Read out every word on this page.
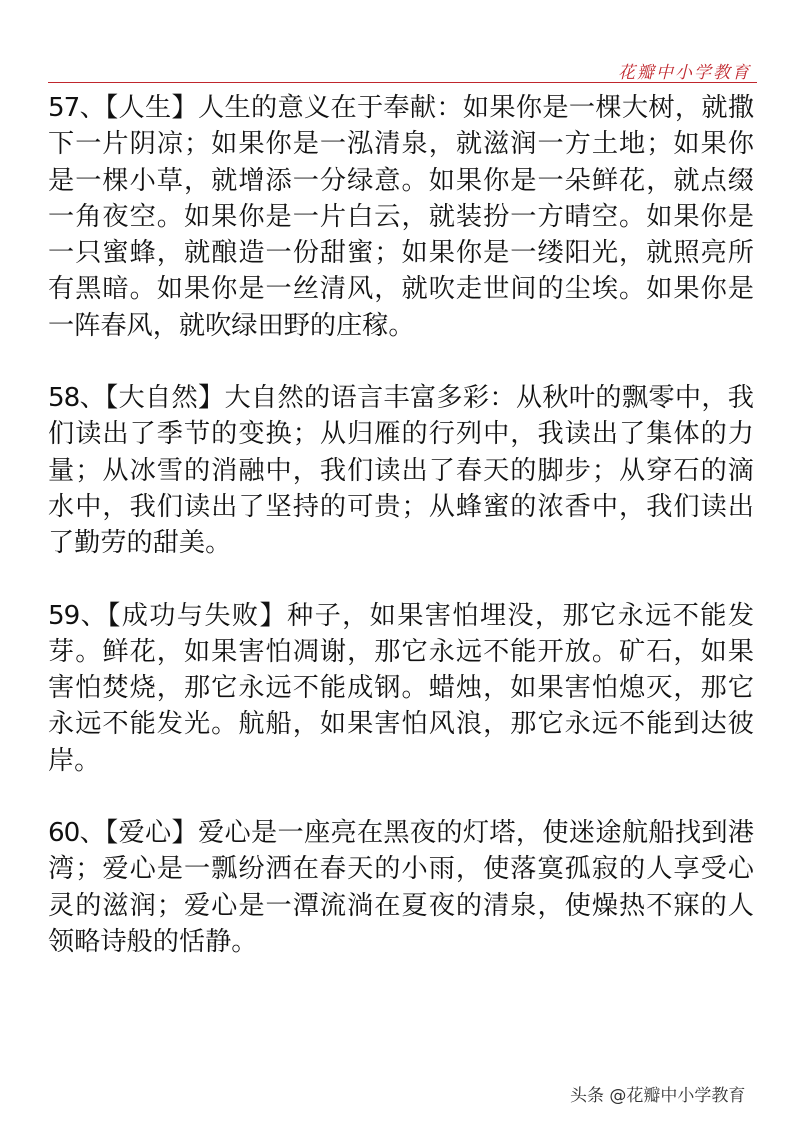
花瓣中小学教育

57、【人生】人生的意义在于奉献：如果你是一棵大树，就撒下一片阴凉；如果你是一泓清泉，就滋润一方土地；如果你是一棵小草，就增添一分绿意。如果你是一朵鲜花，就点缀一角夜空。如果你是一片白云，就装扮一方晴空。如果你是一只蜜蜂，就酿造一份甜蜜；如果你是一缕阳光，就照亮所有黑暗。如果你是一丝清风，就吹走世间的尘埃。如果你是一阵春风，就吹绿田野的庄稼。

58、【大自然】大自然的语言丰富多彩：从秋叶的飘零中，我们读出了季节的变换；从归雁的行列中，我读出了集体的力量；从冰雪的消融中，我们读出了春天的脚步；从穿石的滴水中，我们读出了坚持的可贵；从蜂蜜的浓香中，我们读出了勤劳的甜美。

59、【成功与失败】种子，如果害怕埋没，那它永远不能发芽。鲜花，如果害怕凋谢，那它永远不能开放。矿石，如果害怕焚烧，那它永远不能成钢。蜡烛，如果害怕熄灭，那它永远不能发光。航船，如果害怕风浪，那它永远不能到达彼岸。

60、【爱心】爱心是一座亮在黑夜的灯塔，使迷途航船找到港湾；爱心是一瓢纷洒在春天的小雨，使落寞孤寂的人享受心灵的滋润；爱心是一潭流淌在夏夜的清泉，使燥热不寐的人领略诗般的恬静。

头条 @花瓣中小学教育
